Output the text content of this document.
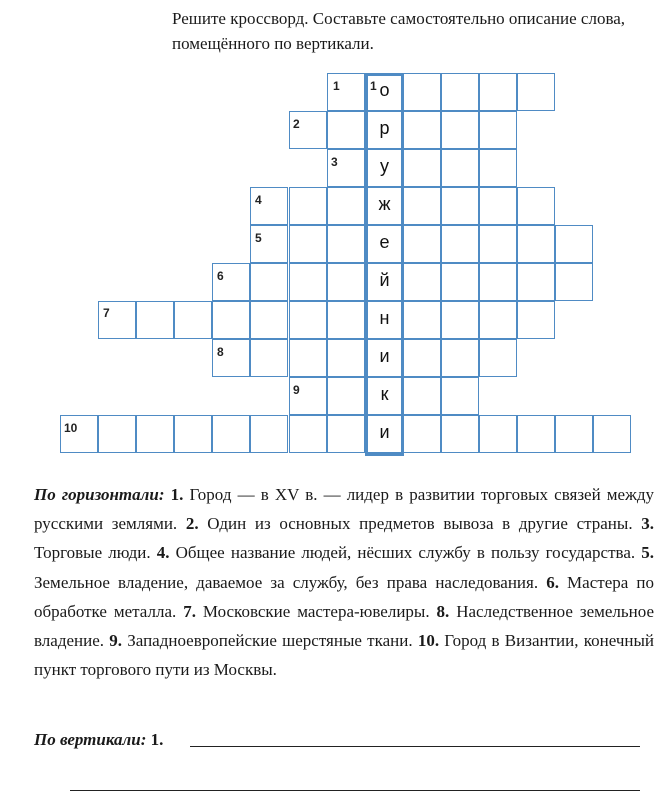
Решите кроссворд. Составьте самостоятельно описание слова, помещённого по вертикали.

1	1
2
3
4
5
6
7
8
9
10
о
р
у
ж
е
й
н
и
к
и

По горизонтали: 1. Город — в XV в. — лидер в развитии торговых связей между русскими землями. 2. Один из основных предметов вывоза в другие страны. 3. Торговые люди. 4. Общее название людей, нёсших службу в пользу государства. 5. Земельное владение, даваемое за службу, без права наследования. 6. Мастера по обработке металла. 7. Московские мастера-ювелиры. 8. Наследственное земельное владение. 9. Западноевропейские шерстяные ткани. 10. Город в Византии, конечный пункт торгового пути из Москвы.

По вертикали: 1.
